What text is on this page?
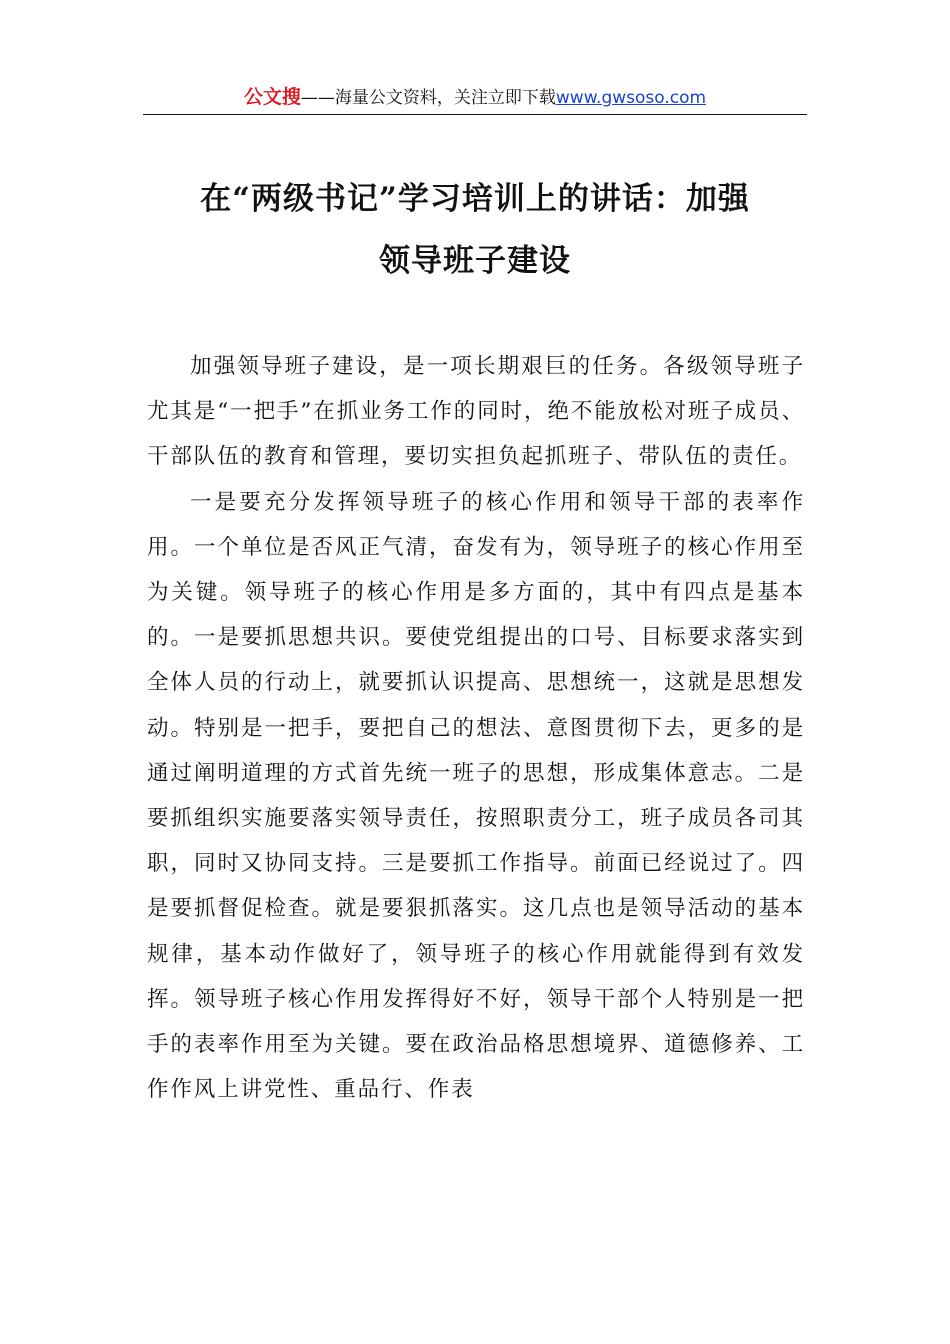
公文搜——海量公文资料，关注立即下载www.gwsoso.com
在“两级书记”学习培训上的讲话：加强
领导班子建设

加强领导班子建设，是一项长期艰巨的任务。各级领导班子尤其是“一把手”在抓业务工作的同时，绝不能放松对班子成员、干部队伍的教育和管理，要切实担负起抓班子、带队伍的责任。

一是要充分发挥领导班子的核心作用和领导干部的表率作用。一个单位是否风正气清，奋发有为，领导班子的核心作用至为关键。领导班子的核心作用是多方面的，其中有四点是基本的。一是要抓思想共识。要使党组提出的口号、目标要求落实到全体人员的行动上，就要抓认识提高、思想统一，这就是思想发动。特别是一把手，要把自己的想法、意图贯彻下去，更多的是通过阐明道理的方式首先统一班子的思想，形成集体意志。二是要抓组织实施要落实领导责任，按照职责分工，班子成员各司其职，同时又协同支持。三是要抓工作指导。前面已经说过了。四是要抓督促检查。就是要狠抓落实。这几点也是领导活动的基本规律，基本动作做好了，领导班子的核心作用就能得到有效发挥。领导班子核心作用发挥得好不好，领导干部个人特别是一把手的表率作用至为关键。要在政治品格思想境界、道德修养、工作作风上讲党性、重品行、作表
